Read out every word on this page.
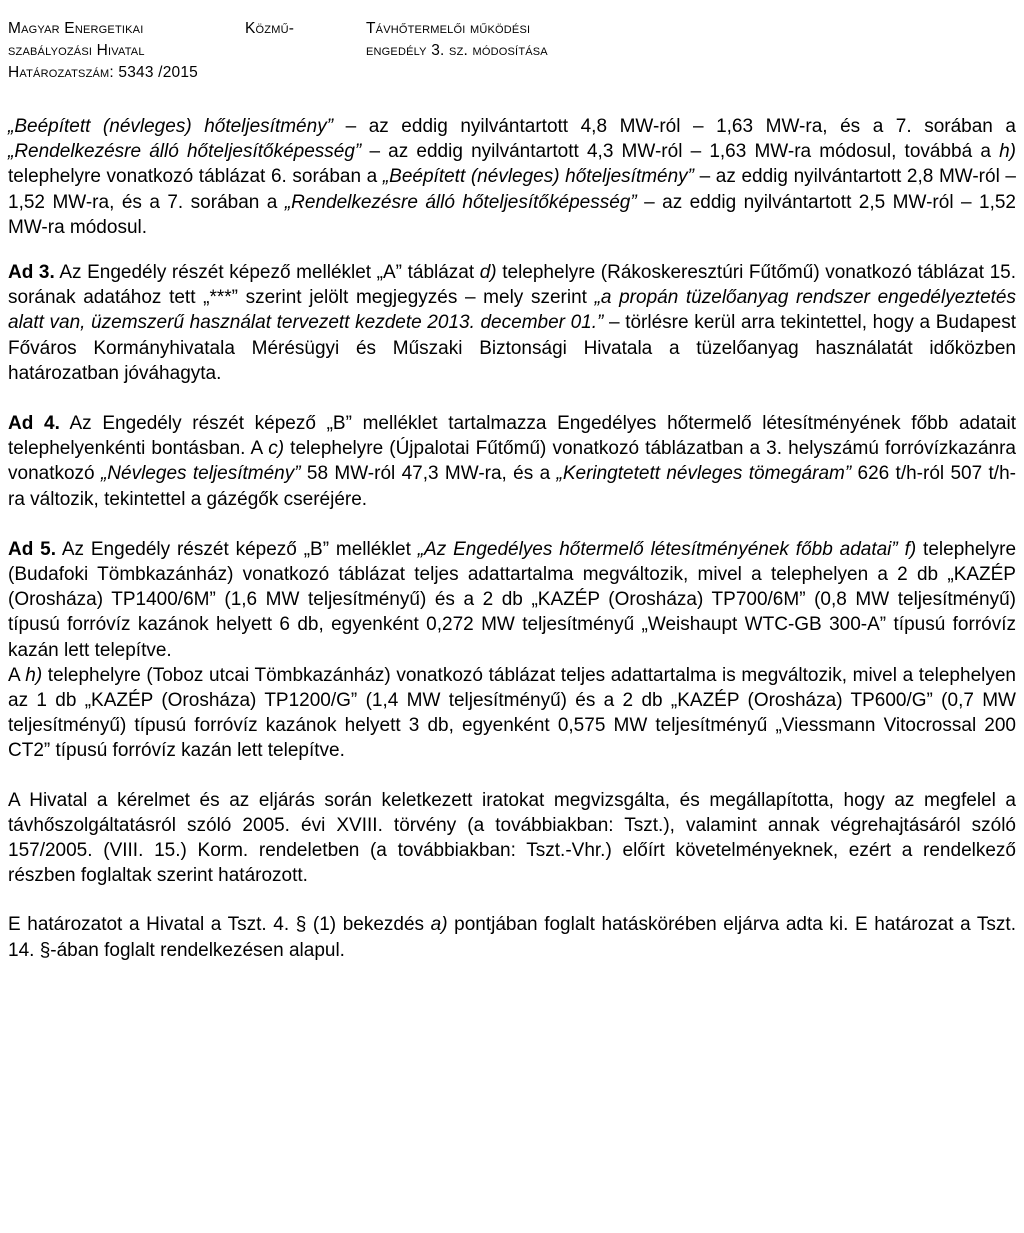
Magyar Energetikai	Közmű-
szabályozási Hivatal
Határozatszám: 5343 /2015
Távhőtermelői működési
engedély 3. sz. módosítása

„Beépített (névleges) hőteljesítmény” – az eddig nyilvántartott 4,8 MW-ról – 1,63 MW-ra, és a 7. sorában a „Rendelkezésre álló hőteljesítőképesség” – az eddig nyilvántartott 4,3 MW-ról – 1,63 MW-ra módosul, továbbá a h) telephelyre vonatkozó táblázat 6. sorában a „Beépített (névleges) hőteljesítmény” – az eddig nyilvántartott 2,8 MW-ról – 1,52 MW-ra, és a 7. sorában a „Rendelkezésre álló hőteljesítőképesség” – az eddig nyilvántartott 2,5 MW-ról – 1,52 MW-ra módosul.

Ad 3. Az Engedély részét képező melléklet „A” táblázat d) telephelyre (Rákoskeresztúri Fűtőmű) vonatkozó táblázat 15. sorának adatához tett „***” szerint jelölt megjegyzés – mely szerint „a propán tüzelőanyag rendszer engedélyeztetés alatt van, üzemszerű használat tervezett kezdete 2013. december 01.” – törlésre kerül arra tekintettel, hogy a Budapest Főváros Kormányhivatala Mérésügyi és Műszaki Biztonsági Hivatala a tüzelőanyag használatát időközben határozatban jóváhagyta.

Ad 4. Az Engedély részét képező „B” melléklet tartalmazza Engedélyes hőtermelő létesítményének főbb adatait telephelyenkénti bontásban. A c) telephelyre (Újpalotai Fűtőmű) vonatkozó táblázatban a 3. helyszámú forróvízkazánra vonatkozó „Névleges teljesítmény” 58 MW-ról 47,3 MW-ra, és a „Keringtetett névleges tömegáram” 626 t/h-ról 507 t/h-ra változik, tekintettel a gázégők cseréjére.

Ad 5. Az Engedély részét képező „B” melléklet „Az Engedélyes hőtermelő létesítményének főbb adatai” f) telephelyre (Budafoki Tömbkazánház) vonatkozó táblázat teljes adattartalma megváltozik, mivel a telephelyen a 2 db „KAZÉP (Orosháza) TP1400/6M” (1,6 MW teljesítményű) és a 2 db „KAZÉP (Orosháza) TP700/6M” (0,8 MW teljesítményű) típusú forróvíz kazánok helyett 6 db, egyenként 0,272 MW teljesítményű „Weishaupt WTC-GB 300-A” típusú forróvíz kazán lett telepítve.

A h) telephelyre (Toboz utcai Tömbkazánház) vonatkozó táblázat teljes adattartalma is megváltozik, mivel a telephelyen az 1 db „KAZÉP (Orosháza) TP1200/G” (1,4 MW teljesítményű) és a 2 db „KAZÉP (Orosháza) TP600/G” (0,7 MW teljesítményű) típusú forróvíz kazánok helyett 3 db, egyenként 0,575 MW teljesítményű „Viessmann Vitocrossal 200 CT2” típusú forróvíz kazán lett telepítve.

A Hivatal a kérelmet és az eljárás során keletkezett iratokat megvizsgálta, és megállapította, hogy az megfelel a távhőszolgáltatásról szóló 2005. évi XVIII. törvény (a továbbiakban: Tszt.), valamint annak végrehajtásáról szóló 157/2005. (VIII. 15.) Korm. rendeletben (a továbbiakban: Tszt.-Vhr.) előírt követelményeknek, ezért a rendelkező részben foglaltak szerint határozott.

E határozatot a Hivatal a Tszt. 4. § (1) bekezdés a) pontjában foglalt hatáskörében eljárva adta ki. E határozat a Tszt. 14. §-ában foglalt rendelkezésen alapul.
